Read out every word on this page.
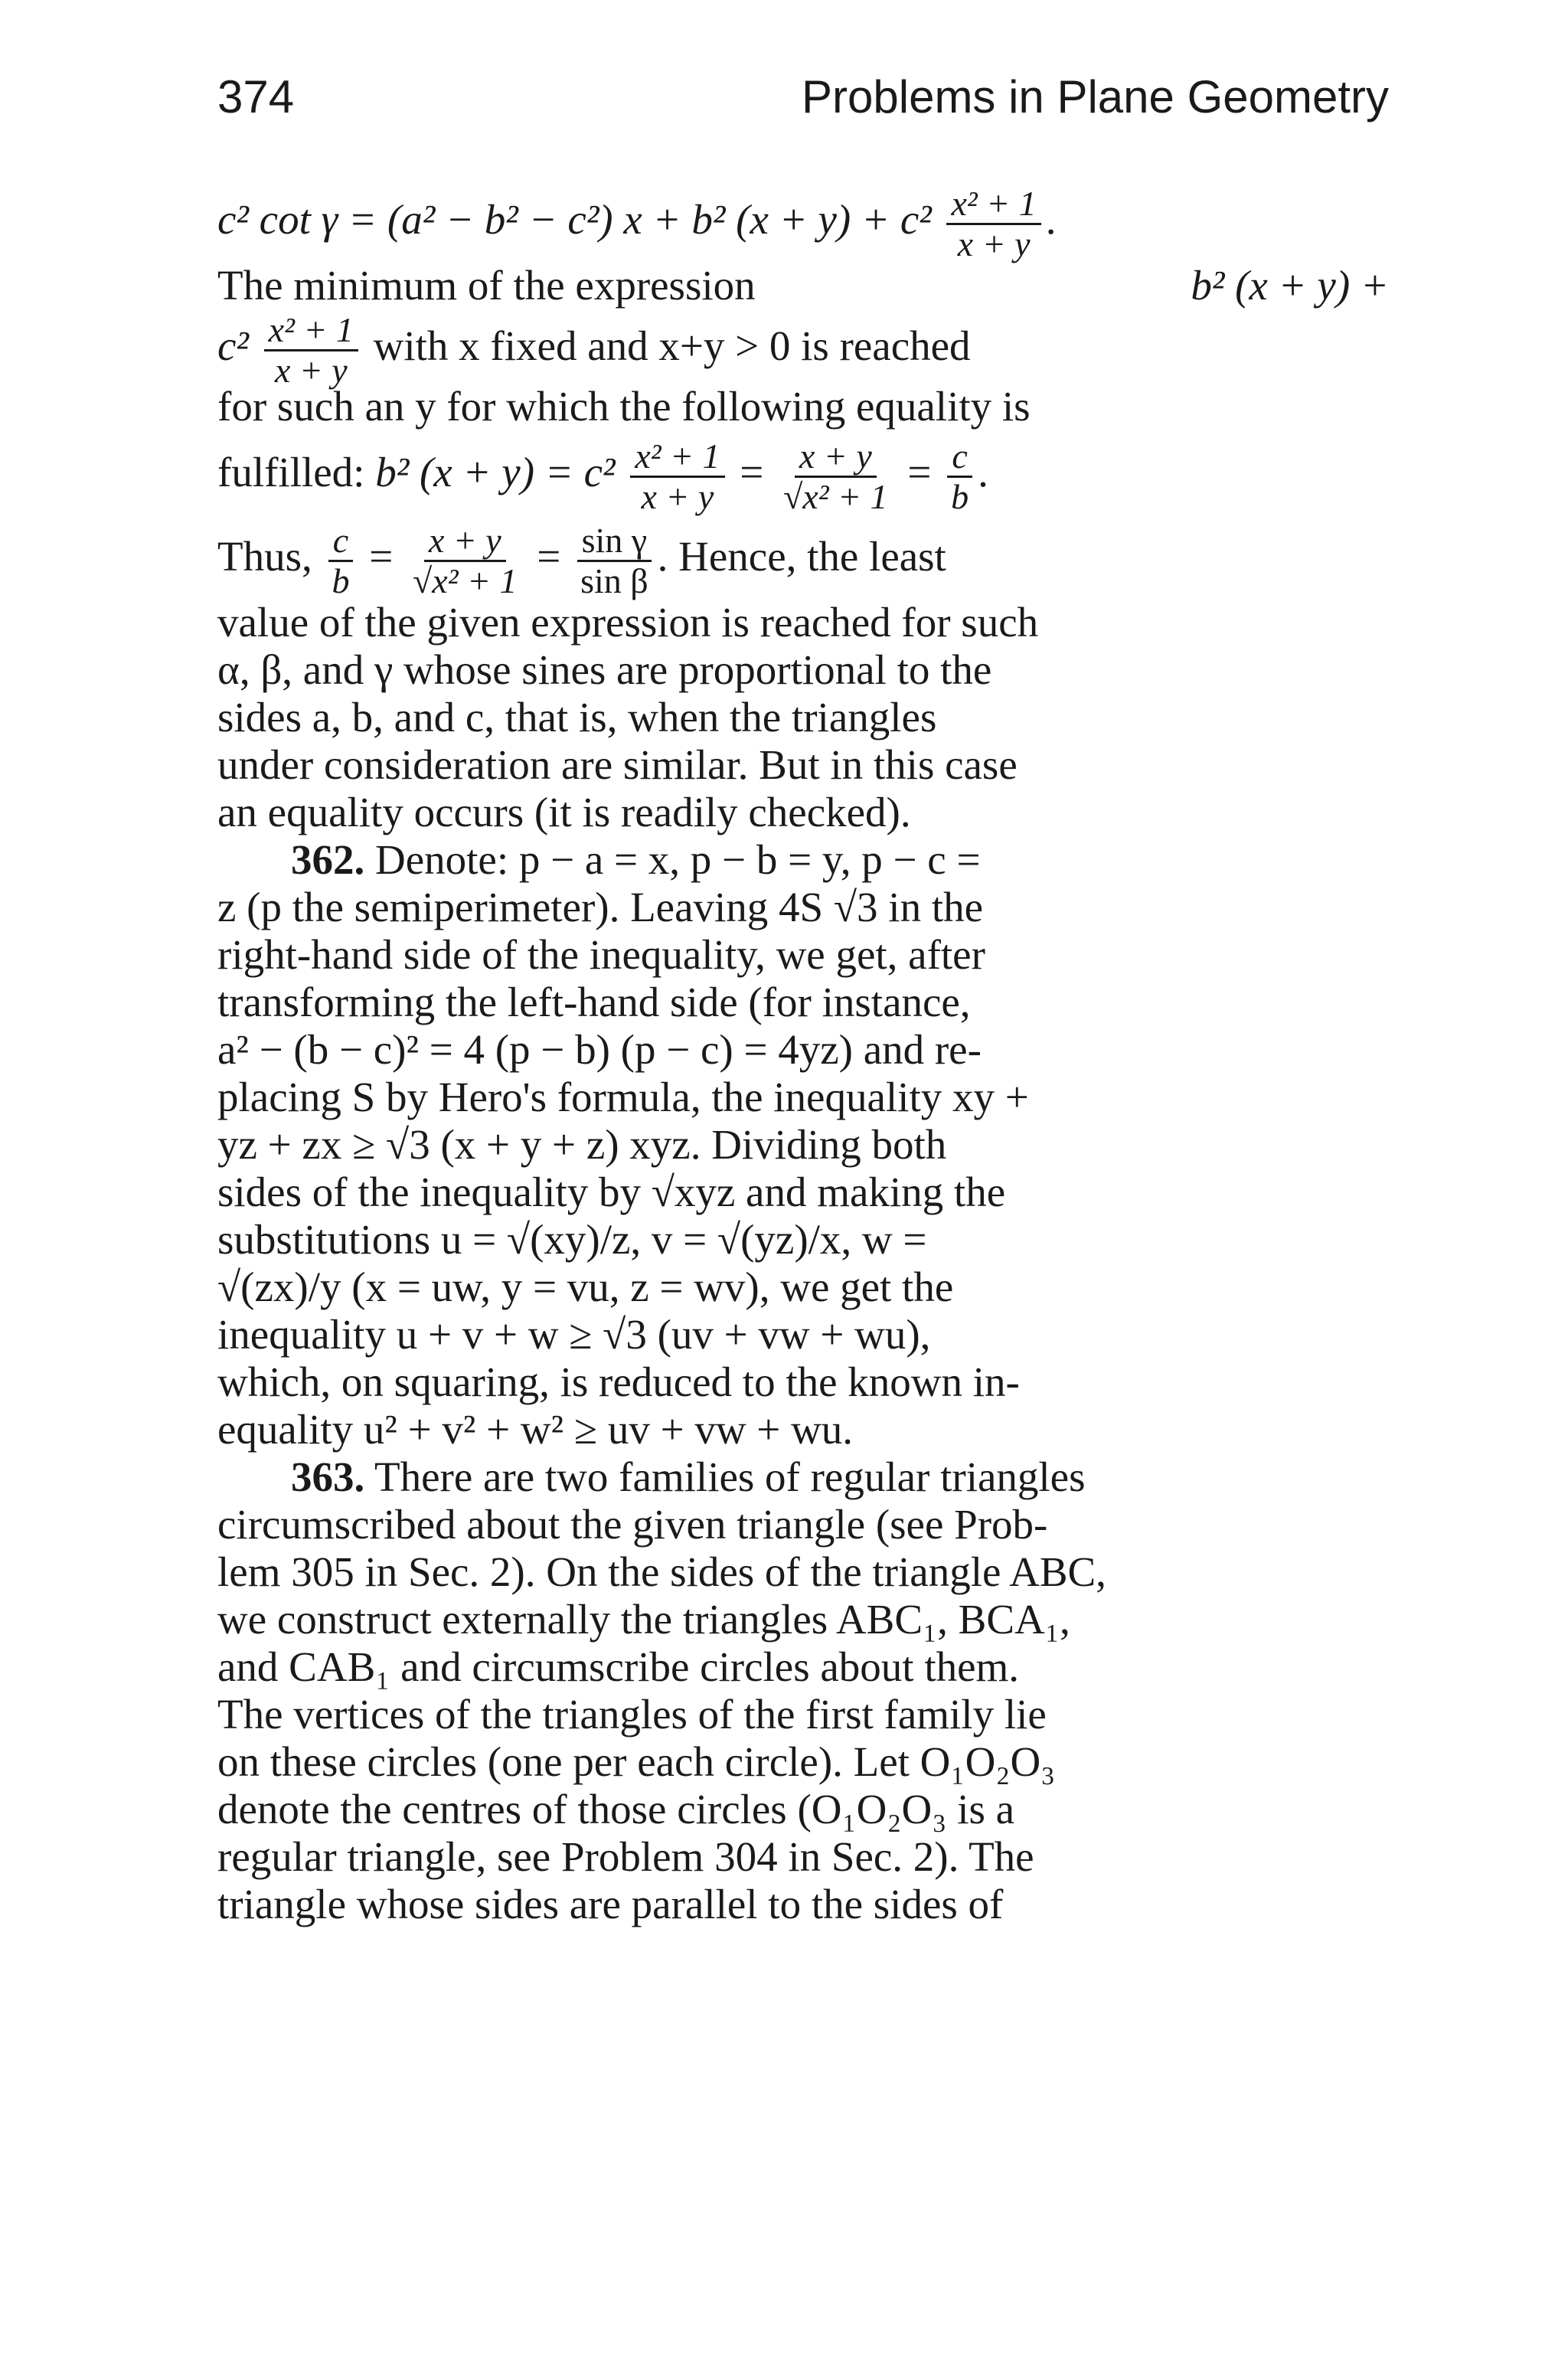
374	Problems in Plane Geometry
c² cot γ = (a² − b² − c²) x + b² $(x + y) + c^2 \frac{\text{x² + 1}}{x + y}$ .
The minimum of the expression	b² (x + y) +
$c^2 \frac{\text{x² + 1}}{x + y}$ with x fixed and x+y > 0 is reached
for such an y for which the following equality is
fulfilled: b² $(x + y) = c^2 \frac{\text{x² + 1}}{x + y} = \frac{x + y}{\text{√x² + 1}} = \frac{c}{b}$ .
Thus, $\frac{c}{b} = \frac{x + y}{\text{√x² + 1}} = \frac{\text{sin γ}}{\text{sin β}}$ . Hence, the least
value of the given expression is reached for such
α, β, and γ whose sines are proportional to the
sides a, b, and c, that is, when the triangles
under consideration are similar. But in this case
an equality occurs (it is readily checked).
362. Denote: p − a = x, p − b = y, p − c =
z (p the semiperimeter). Leaving 4S √3 in the
right-hand side of the inequality, we get, after
transforming the left-hand side (for instance,
a² − (b − c)² = 4 (p − b) (p − c) = 4yz) and re-
placing S by Hero's formula, the inequality xy +
yz + zx ≥ √3 (x + y + z) xyz. Dividing both
sides of the inequality by √xyz and making the
substitutions u = √(xy)/z, v = √(yz)/x, w =
√(zx)/y (x = uw, y = vu, z = wv), we get the
inequality u + v + w ≥ √3 (uv + vw + wu),
which, on squaring, is reduced to the known in-
equality u² + v² + w² ≥ uv + vw + wu.
363. There are two families of regular triangles
circumscribed about the given triangle (see Prob-
lem 305 in Sec. 2). On the sides of the triangle ABC,
we construct externally the triangles ABC₁, BCA₁,
and CAB₁ and circumscribe circles about them.
The vertices of the triangles of the first family lie
on these circles (one per each circle). Let O₁O₂O₃
denote the centres of those circles (O₁O₂O₃ is a
regular triangle, see Problem 304 in Sec. 2). The
triangle whose sides are parallel to the sides of
